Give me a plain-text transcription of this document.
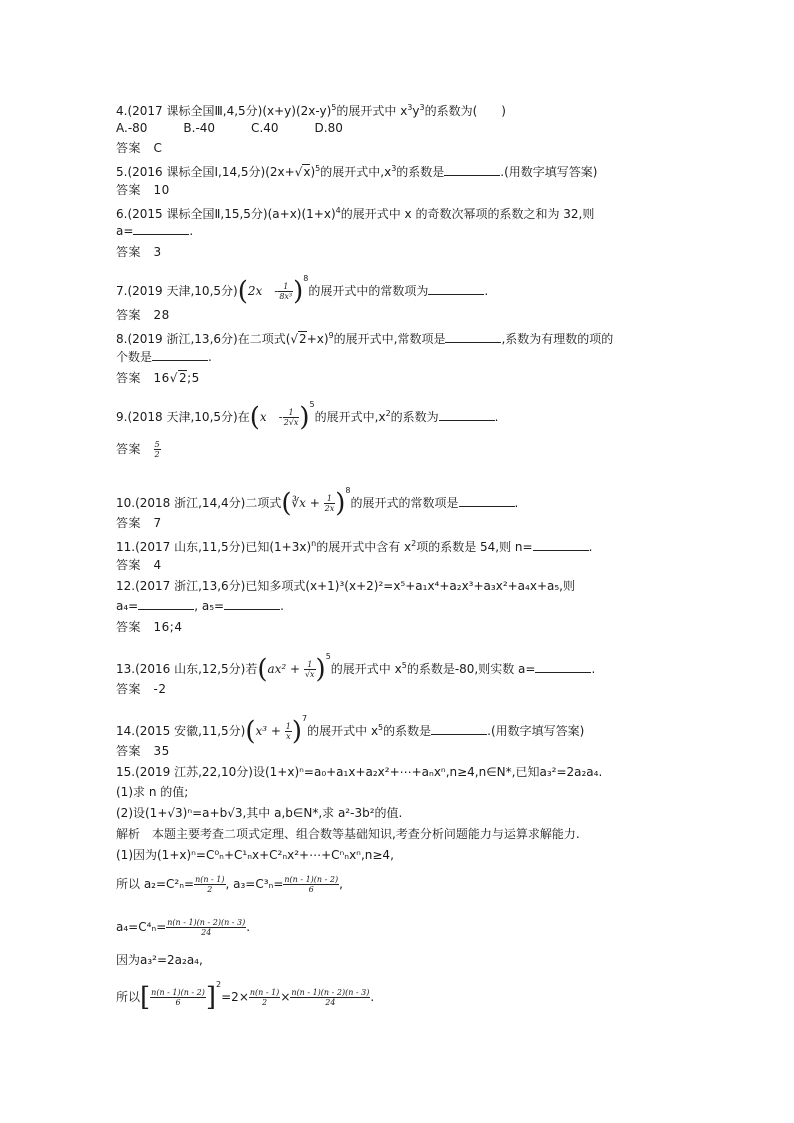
4.(2017 课标全国Ⅲ,4,5分)$(x+y)(2x-y)^5$的展开式中 $x^3y^3$的系数为(　　)
A.-80　　　B.-40　　　C.40　　　D.80
答案　C
5.(2016 课标全国Ⅰ,14,5分)$(2x+√x)^5$的展开式中$,x^3$的系数是	.(用数字填写答案)
答案　10
6.(2015 课标全国Ⅱ,15,5分)$(a+x)(1+x)^4$的展开式中 x 的奇数次幂项的系数之和为 32,则
a=	.
答案　3
7.(2019 天津,10,5分)(2x　- $\frac{1}{\text{8x³}} )^8$的展开式中的常数项为	.
答案　28
8.(2019 浙江,13,6分)在二项式$(√2+x)^9$的展开式中,常数项是	,系数为有理数的项的
个数是	.
答案　16√2;5
9.(2018 天津,10,5分)在(x　- $\frac{1}{2√x} )^5$的展开式中$,x^2$的系数为	.
答案　 $\frac{5}{2}$
10.(2018 浙江,14,4分)二项式(∛x + $\frac{1}{2x} )^8$的展开式的常数项是	.
答案　7
11.(2017 山东,11,5分)已知$(1+3x)^n$的展开式中含有 $x^2$项的系数是 54,则 n=	.
答案　4
12.(2017 浙江,13,6分)已知多项式(x+1)³(x+2)²=x⁵+a₁x⁴+a₂x³+a₃x²+a₄x+a₅,则
a₄=	, a₅=	.
答案　16;4
13.(2016 山东,12,5分)若$(ax^2 + \frac{1}{√x} )^5$的展开式中 $x^5$的系数是-80,则实数 a=	.
答案　-2
14.(2015 安徽,11,5分)$(x^3 + \frac{1}{x} )^7$的展开式中 $x^5$的系数是	.(用数字填写答案)
答案　35
15.(2019 江苏,22,10分)设(1+x)ⁿ=a₀+a₁x+a₂x²+⋯+aₙxⁿ,n≥4,n∈N*,已知a₃²=2a₂a₄.
(1)求 n 的值;
(2)设(1+√3)ⁿ=a+b√3,其中 a,b∈N*,求 a²-3b²的值.
解析　本题主要考查二项式定理、组合数等基础知识,考查分析问题能力与运算求解能力.
(1)因为(1+x)ⁿ=C⁰ₙ+C¹ₙx+C²ₙx²+⋯+Cⁿₙxⁿ,n≥4,
所以 $a_2=C^2_n= \frac{n(n - 1)}{2}$ , $a_3=C^3_n= \frac{n(n - 1)(n - 2)}{6}$ ,
$a_4=C^4_n= \frac{n(n - 1)(n - 2)(n - 3)}{24}$ .
因为a₃²=2a₂a₄,
所以[ $\frac{n(n - 1)(n - 2)}{6} ]^2=2\times \frac{n(n - 1)}{2} \times \frac{n(n - 1)(n - 2)(n - 3)}{24}$ .
